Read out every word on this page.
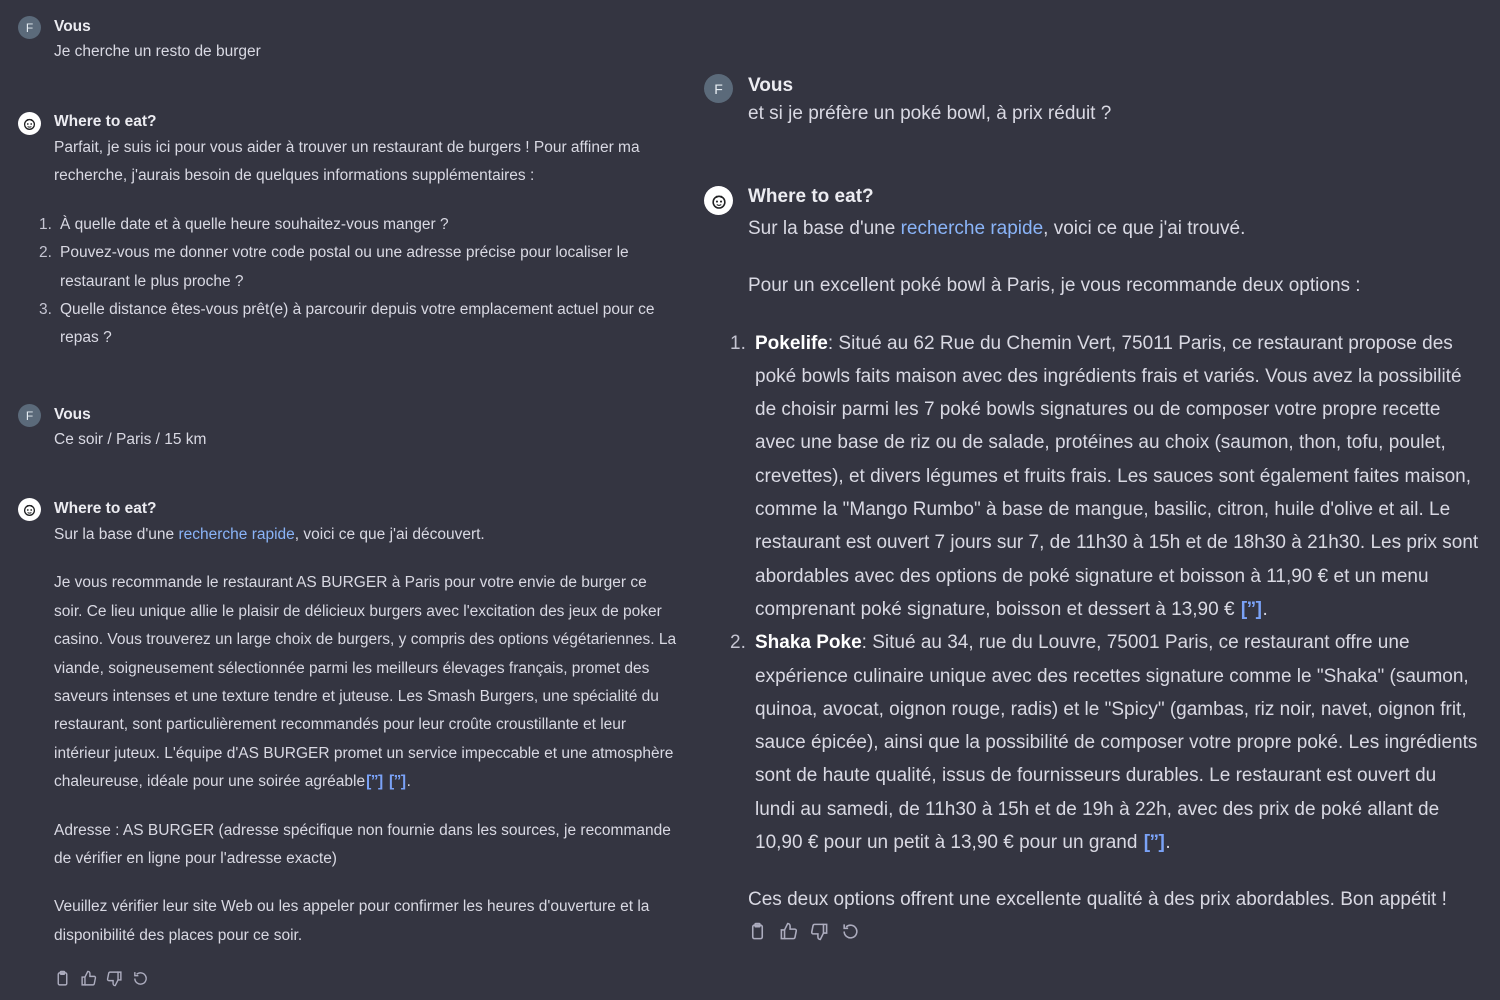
F	Vous
Je cherche un resto de burger
Where to eat?

Parfait, je suis ici pour vous aider à trouver un restaurant de burgers ! Pour affiner ma recherche, j'aurais besoin de quelques informations supplémentaires :

1. À quelle date et à quelle heure souhaitez-vous manger ?
2. Pouvez-vous me donner votre code postal ou une adresse précise pour localiser le restaurant le plus proche ?
3. Quelle distance êtes-vous prêt(e) à parcourir depuis votre emplacement actuel pour ce repas ?
F	Vous
Ce soir / Paris / 15 km
Where to eat?

Sur la base d'une recherche rapide, voici ce que j'ai découvert.

Je vous recommande le restaurant AS BURGER à Paris pour votre envie de burger ce soir. Ce lieu unique allie le plaisir de délicieux burgers avec l'excitation des jeux de poker casino. Vous trouverez un large choix de burgers, y compris des options végétariennes. La viande, soigneusement sélectionnée parmi les meilleurs élevages français, promet des saveurs intenses et une texture tendre et juteuse. Les Smash Burgers, une spécialité du restaurant, sont particulièrement recommandés pour leur croûte croustillante et leur intérieur juteux. L'équipe d'AS BURGER promet un service impeccable et une atmosphère chaleureuse, idéale pour une soirée agréable[”] [”].

Adresse : AS BURGER (adresse spécifique non fournie dans les sources, je recommande de vérifier en ligne pour l'adresse exacte)

Veuillez vérifier leur site Web ou les appeler pour confirmer les heures d'ouverture et la disponibilité des places pour ce soir.

F	Vous
et si je préfère un poké bowl, à prix réduit ?
Where to eat?

Sur la base d'une recherche rapide, voici ce que j'ai trouvé.

Pour un excellent poké bowl à Paris, je vous recommande deux options :

1. Pokelife: Situé au 62 Rue du Chemin Vert, 75011 Paris, ce restaurant propose des poké bowls faits maison avec des ingrédients frais et variés. Vous avez la possibilité de choisir parmi les 7 poké bowls signatures ou de composer votre propre recette avec une base de riz ou de salade, protéines au choix (saumon, thon, tofu, poulet, crevettes), et divers légumes et fruits frais. Les sauces sont également faites maison, comme la "Mango Rumbo" à base de mangue, basilic, citron, huile d'olive et ail. Le restaurant est ouvert 7 jours sur 7, de 11h30 à 15h et de 18h30 à 21h30. Les prix sont abordables avec des options de poké signature et boisson à 11,90 € et un menu comprenant poké signature, boisson et dessert à 13,90 € [”].
2. Shaka Poke: Situé au 34, rue du Louvre, 75001 Paris, ce restaurant offre une expérience culinaire unique avec des recettes signature comme le "Shaka" (saumon, quinoa, avocat, oignon rouge, radis) et le "Spicy" (gambas, riz noir, navet, oignon frit, sauce épicée), ainsi que la possibilité de composer votre propre poké. Les ingrédients sont de haute qualité, issus de fournisseurs durables. Le restaurant est ouvert du lundi au samedi, de 11h30 à 15h et de 19h à 22h, avec des prix de poké allant de 10,90 € pour un petit à 13,90 € pour un grand [”].

Ces deux options offrent une excellente qualité à des prix abordables. Bon appétit !
